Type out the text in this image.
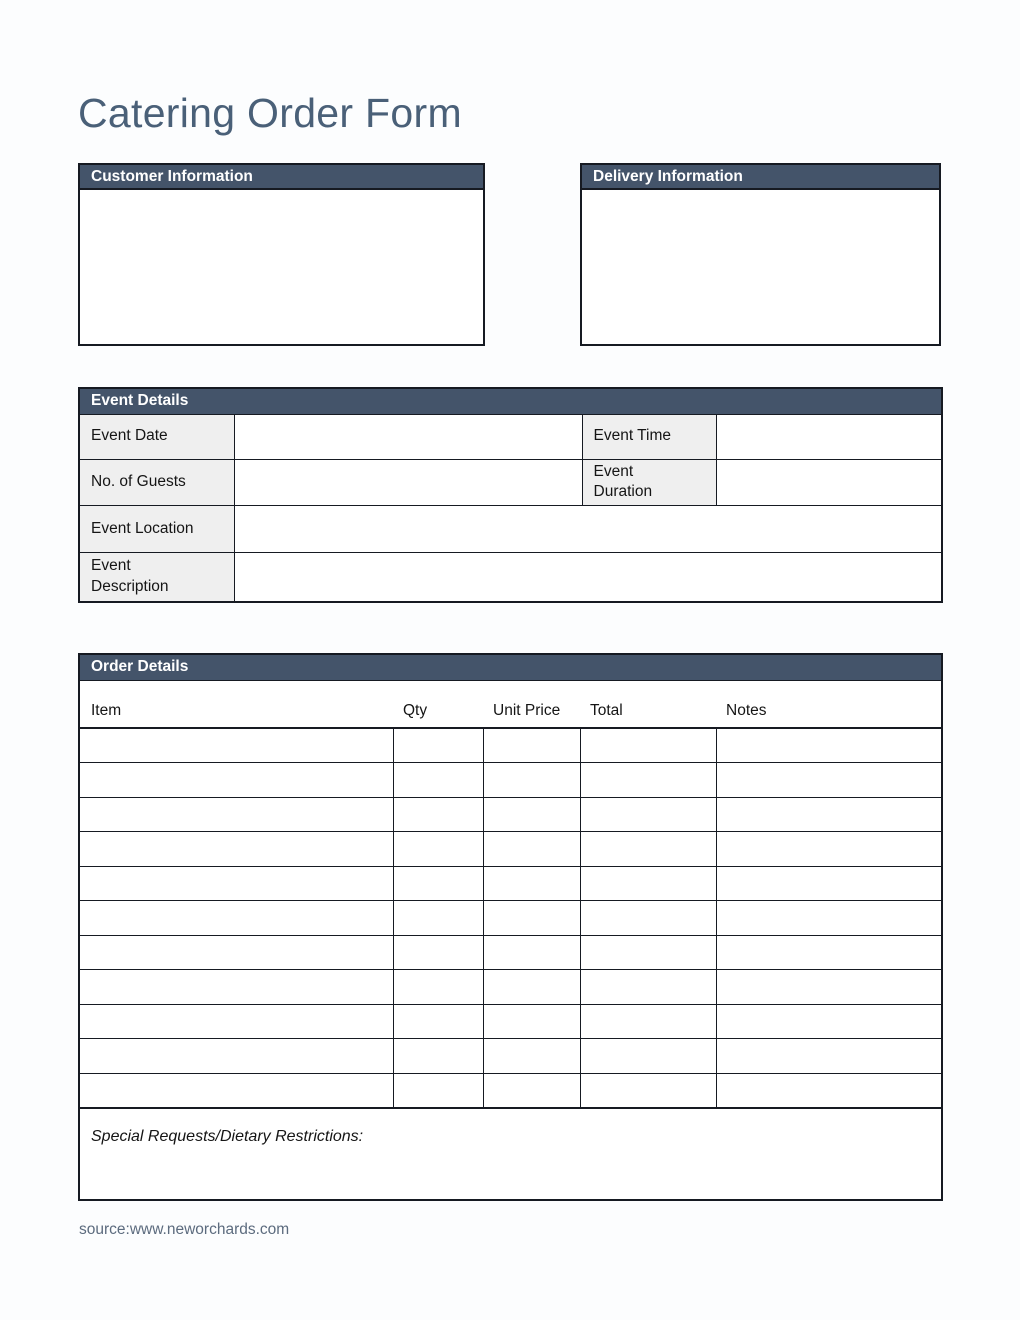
Catering Order Form
Customer Information	Delivery Information
Event Details			
Event Date		Event Time	
No. of Guests		Event Duration	
Event Location			
Event Description			
Order Details				
Item	Qty	Unit Price	Total	Notes

Special Requests/Dietary Restrictions:				
source:www.neworchards.com
